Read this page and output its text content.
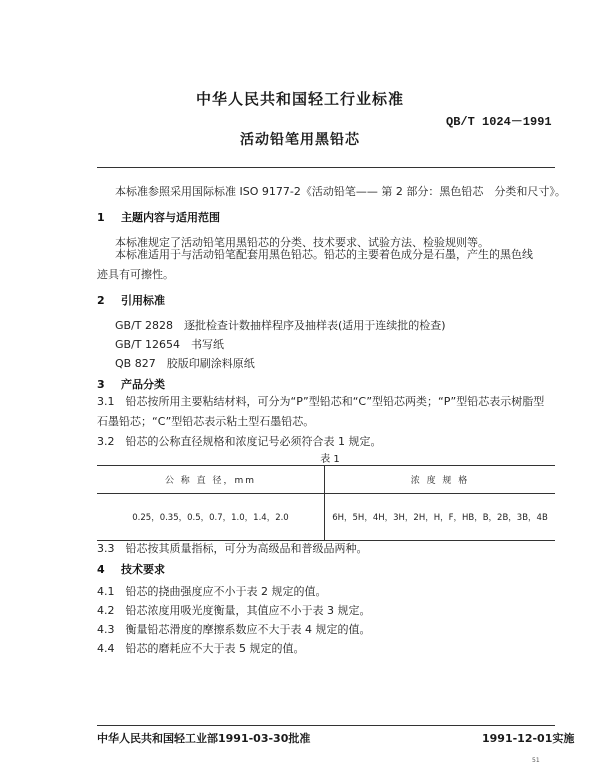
中华人民共和国轻工行业标准
QB/T 1024－1991
活动铅笔用黑铅芯
本标准参照采用国际标准 ISO 9177-2《活动铅笔—— 第 2 部分：黑色铅芯　分类和尺寸》。
1 主题内容与适用范围
本标准规定了活动铅笔用黑铅芯的分类、技术要求、试验方法、检验规则等。
本标准适用于与活动铅笔配套用黑色铅芯。铅芯的主要着色成分是石墨，产生的黑色线迹具有可擦性。
2 引用标准
GB/T 2828　逐批检查计数抽样程序及抽样表(适用于连续批的检查)
GB/T 12654　书写纸
QB 827　胶版印刷涂料原纸
3 产品分类
3.1　 铅芯按所用主要粘结材料，可分为“P”型铅芯和“C”型铅芯两类；“P”型铅芯表示树脂型石墨铅芯；“C”型铅芯表示粘土型石墨铅芯。
3.2　 铅芯的公称直径规格和浓度记号必须符合表 1 规定。
表 1
公 称 直 径，mm	浓 度 规 格
0.25，0.35，0.5，0.7，1.0，1.4，2.0	6H，5H，4H，3H，2H，H，F，HB，B，2B，3B，4B
3.3　 铅芯按其质量指标，可分为高级品和普级品两种。
4 技术要求
4.1　 铅芯的挠曲强度应不小于表 2 规定的值。
4.2　 铅芯浓度用吸光度衡量，其值应不小于表 3 规定。
4.3　 衡量铅芯滑度的摩擦系数应不大于表 4 规定的值。
4.4　 铅芯的磨耗应不大于表 5 规定的值。
中华人民共和国轻工业部1991-03-30批准	1991-12-01实施
51
